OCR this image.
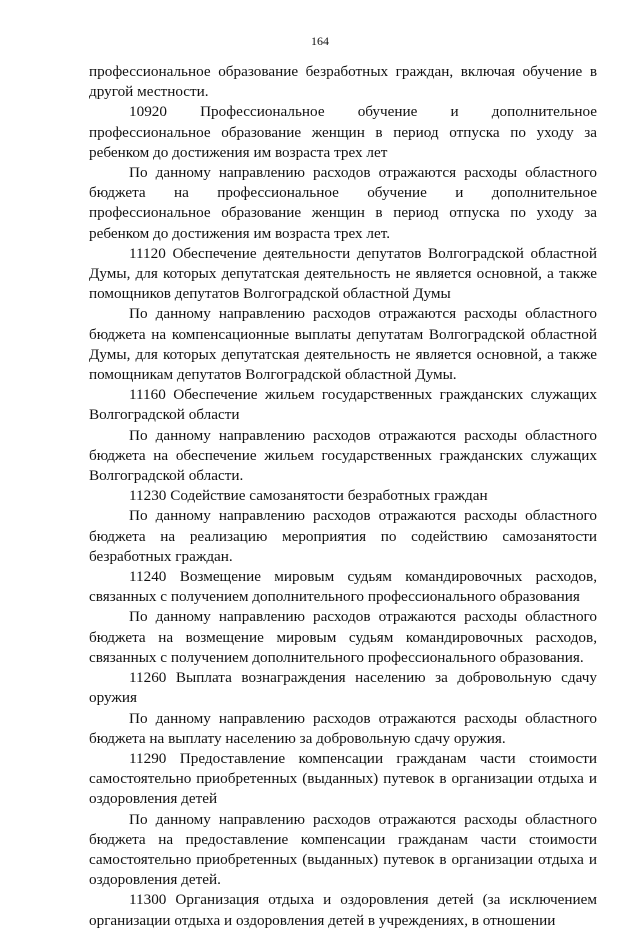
164

профессиональное образование безработных граждан, включая обучение в другой местности.

10920 Профессиональное обучение и дополнительное профессиональное образование женщин в период отпуска по уходу за ребенком до достижения им возраста трех лет

По данному направлению расходов отражаются расходы областного бюджета на профессиональное обучение и дополнительное профессиональное образование женщин в период отпуска по уходу за ребенком до достижения им возраста трех лет.

11120 Обеспечение деятельности депутатов Волгоградской областной Думы, для которых депутатская деятельность не является основной, а также помощников депутатов Волгоградской областной Думы

По данному направлению расходов отражаются расходы областного бюджета на компенсационные выплаты депутатам Волгоградской областной Думы, для которых депутатская деятельность не является основной, а также помощникам депутатов Волгоградской областной Думы.

11160 Обеспечение жильем государственных гражданских служащих Волгоградской области

По данному направлению расходов отражаются расходы областного бюджета на обеспечение жильем государственных гражданских служащих Волгоградской области.

11230 Содействие самозанятости безработных граждан

По данному направлению расходов отражаются расходы областного бюджета на реализацию мероприятия по содействию самозанятости безработных граждан.

11240 Возмещение мировым судьям командировочных расходов, связанных с получением дополнительного профессионального образования

По данному направлению расходов отражаются расходы областного бюджета на возмещение мировым судьям командировочных расходов, связанных с получением дополнительного профессионального образования.

11260 Выплата вознаграждения населению за добровольную сдачу оружия

По данному направлению расходов отражаются расходы областного бюджета на выплату населению за добровольную сдачу оружия.

11290 Предоставление компенсации гражданам части стоимости самостоятельно приобретенных (выданных) путевок в организации отдыха и оздоровления детей

По данному направлению расходов отражаются расходы областного бюджета на предоставление компенсации гражданам части стоимости самостоятельно приобретенных (выданных) путевок в организации отдыха и оздоровления детей.

11300 Организация отдыха и оздоровления детей (за исключением организации отдыха и оздоровления детей в учреждениях, в отношении
